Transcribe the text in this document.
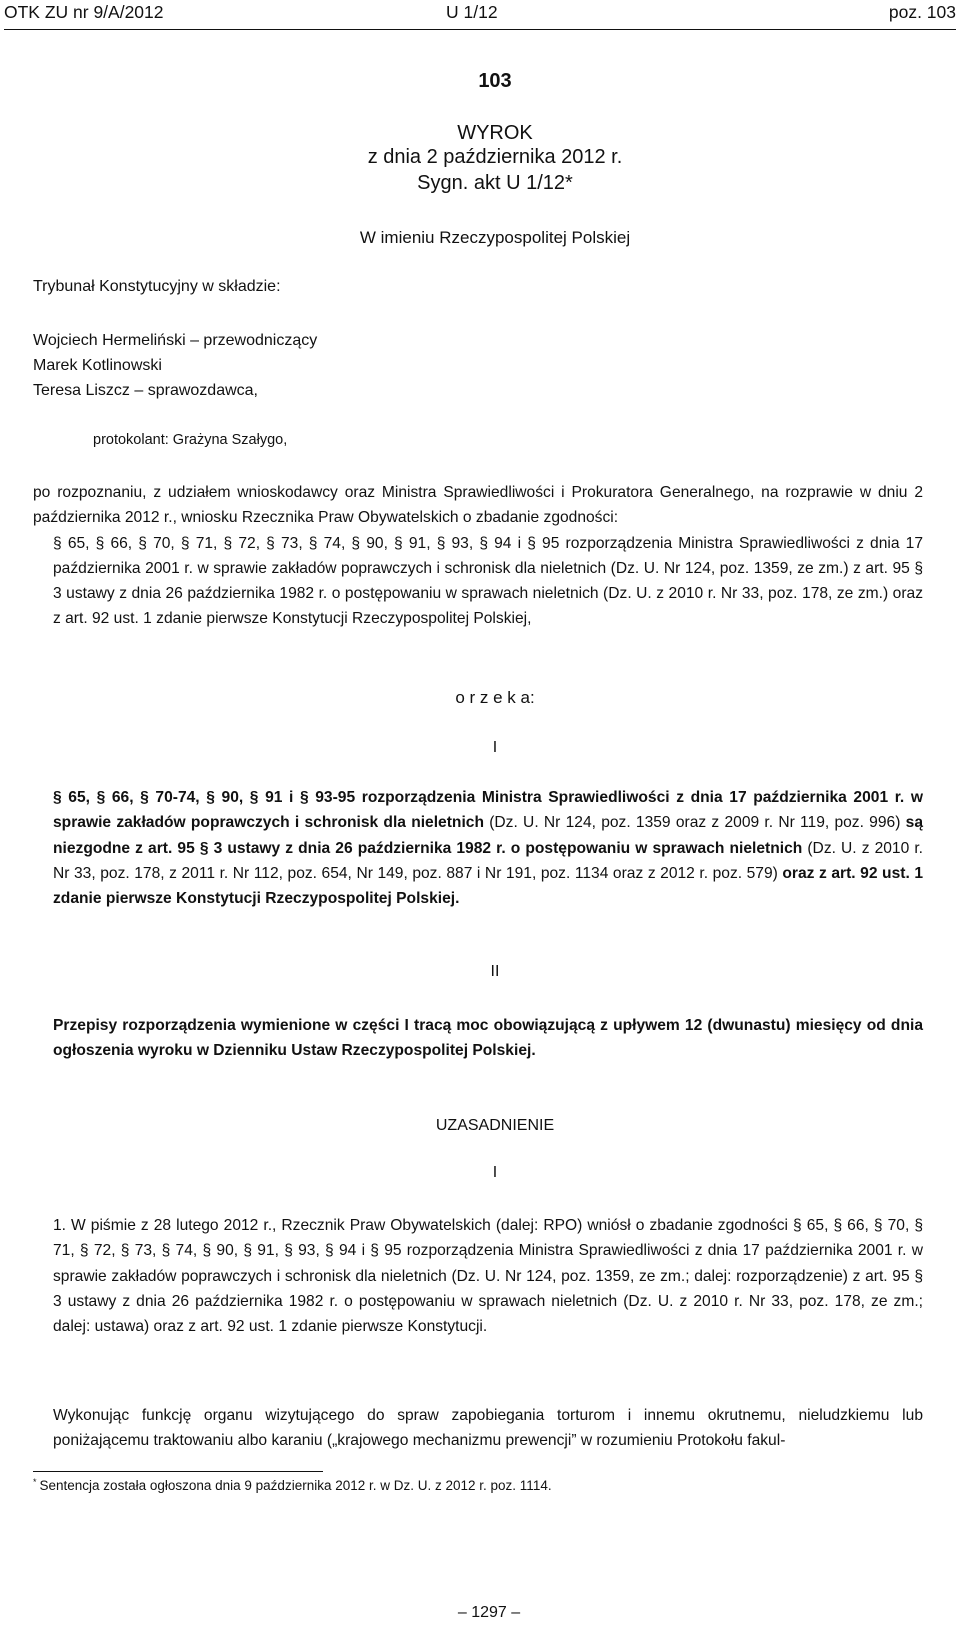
OTK ZU nr 9/A/2012	U 1/12	poz. 103
103
WYROK
z dnia 2 października 2012 r.
Sygn. akt U 1/12*
W imieniu Rzeczypospolitej Polskiej
Trybunał Konstytucyjny w składzie:
Wojciech Hermeliński – przewodniczący
Marek Kotlinowski
Teresa Liszcz – sprawozdawca,
protokolant: Grażyna Szałygo,
po rozpoznaniu, z udziałem wnioskodawcy oraz Ministra Sprawiedliwości i Prokuratora Generalnego, na rozprawie w dniu 2 października 2012 r., wniosku Rzecznika Praw Obywatelskich o zbadanie zgodności:
§ 65, § 66, § 70, § 71, § 72, § 73, § 74, § 90, § 91, § 93, § 94 i § 95 rozporządzenia Ministra Sprawiedliwości z dnia 17 października 2001 r. w sprawie zakładów poprawczych i schronisk dla nieletnich (Dz. U. Nr 124, poz. 1359, ze zm.) z art. 95 § 3 ustawy z dnia 26 października 1982 r. o postępowaniu w sprawach nieletnich (Dz. U. z 2010 r. Nr 33, poz. 178, ze zm.) oraz z art. 92 ust. 1 zdanie pierwsze Konstytucji Rzeczypospolitej Polskiej,
o r z e k a:
I
§ 65, § 66, § 70-74, § 90, § 91 i § 93-95 rozporządzenia Ministra Sprawiedliwości z dnia 17 października 2001 r. w sprawie zakładów poprawczych i schronisk dla nieletnich (Dz. U. Nr 124, poz. 1359 oraz z 2009 r. Nr 119, poz. 996) są niezgodne z art. 95 § 3 ustawy z dnia 26 października 1982 r. o postępowaniu w sprawach nieletnich (Dz. U. z 2010 r. Nr 33, poz. 178, z 2011 r. Nr 112, poz. 654, Nr 149, poz. 887 i Nr 191, poz. 1134 oraz z 2012 r. poz. 579) oraz z art. 92 ust. 1 zdanie pierwsze Konstytucji Rzeczypospolitej Polskiej.
II
Przepisy rozporządzenia wymienione w części I tracą moc obowiązującą z upływem 12 (dwunastu) miesięcy od dnia ogłoszenia wyroku w Dzienniku Ustaw Rzeczypospolitej Polskiej.
UZASADNIENIE
I
1. W piśmie z 28 lutego 2012 r., Rzecznik Praw Obywatelskich (dalej: RPO) wniósł o zbadanie zgodności § 65, § 66, § 70, § 71, § 72, § 73, § 74, § 90, § 91, § 93, § 94 i § 95 rozporządzenia Ministra Sprawiedliwości z dnia 17 października 2001 r. w sprawie zakładów poprawczych i schronisk dla nieletnich (Dz. U. Nr 124, poz. 1359, ze zm.; dalej: rozporządzenie) z art. 95 § 3 ustawy z dnia 26 października 1982 r. o postępowaniu w sprawach nieletnich (Dz. U. z 2010 r. Nr 33, poz. 178, ze zm.; dalej: ustawa) oraz z art. 92 ust. 1 zdanie pierwsze Konstytucji.
Wykonując funkcję organu wizytującego do spraw zapobiegania torturom i innemu okrutnemu, nieludzkiemu lub poniżającemu traktowaniu albo karaniu („krajowego mechanizmu prewencji” w rozumieniu Protokołu fakul-
* Sentencja została ogłoszona dnia 9 października 2012 r. w Dz. U. z 2012 r. poz. 1114.
– 1297 –
